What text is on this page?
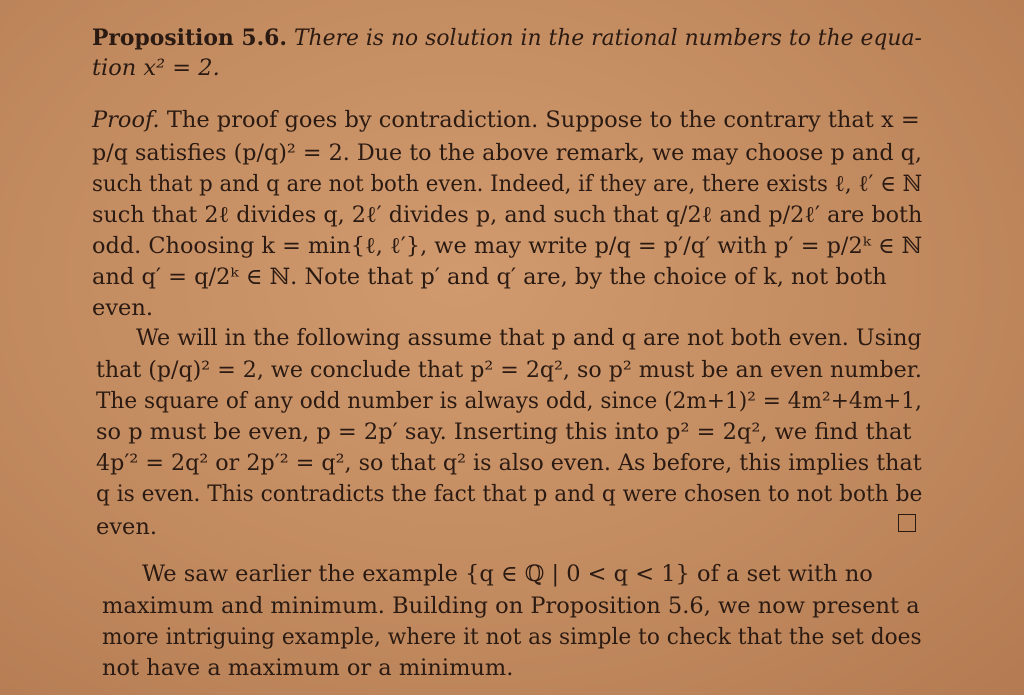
Proposition 5.6. There is no solution in the rational numbers to the equa-
tion x² = 2.
Proof. The proof goes by contradiction. Suppose to the contrary that x =
p/q satisfies (p/q)² = 2. Due to the above remark, we may choose p and q,
such that p and q are not both even. Indeed, if they are, there exists ℓ, ℓ′ ∈ ℕ
such that 2ℓ divides q, 2ℓ′ divides p, and such that q/2ℓ and p/2ℓ′ are both
odd. Choosing k = min{ℓ, ℓ′}, we may write p/q = p′/q′ with p′ = p/2ᵏ ∈ ℕ
and q′ = q/2ᵏ ∈ ℕ. Note that p′ and q′ are, by the choice of k, not both
even.
We will in the following assume that p and q are not both even. Using
that (p/q)² = 2, we conclude that p² = 2q², so p² must be an even number.
The square of any odd number is always odd, since (2m+1)² = 4m²+4m+1,
so p must be even, p = 2p′ say. Inserting this into p² = 2q², we find that
4p′² = 2q² or 2p′² = q², so that q² is also even. As before, this implies that
q is even. This contradicts the fact that p and q were chosen to not both be
even.
We saw earlier the example {q ∈ ℚ | 0 < q < 1} of a set with no
maximum and minimum. Building on Proposition 5.6, we now present a
more intriguing example, where it not as simple to check that the set does
not have a maximum or a minimum.
